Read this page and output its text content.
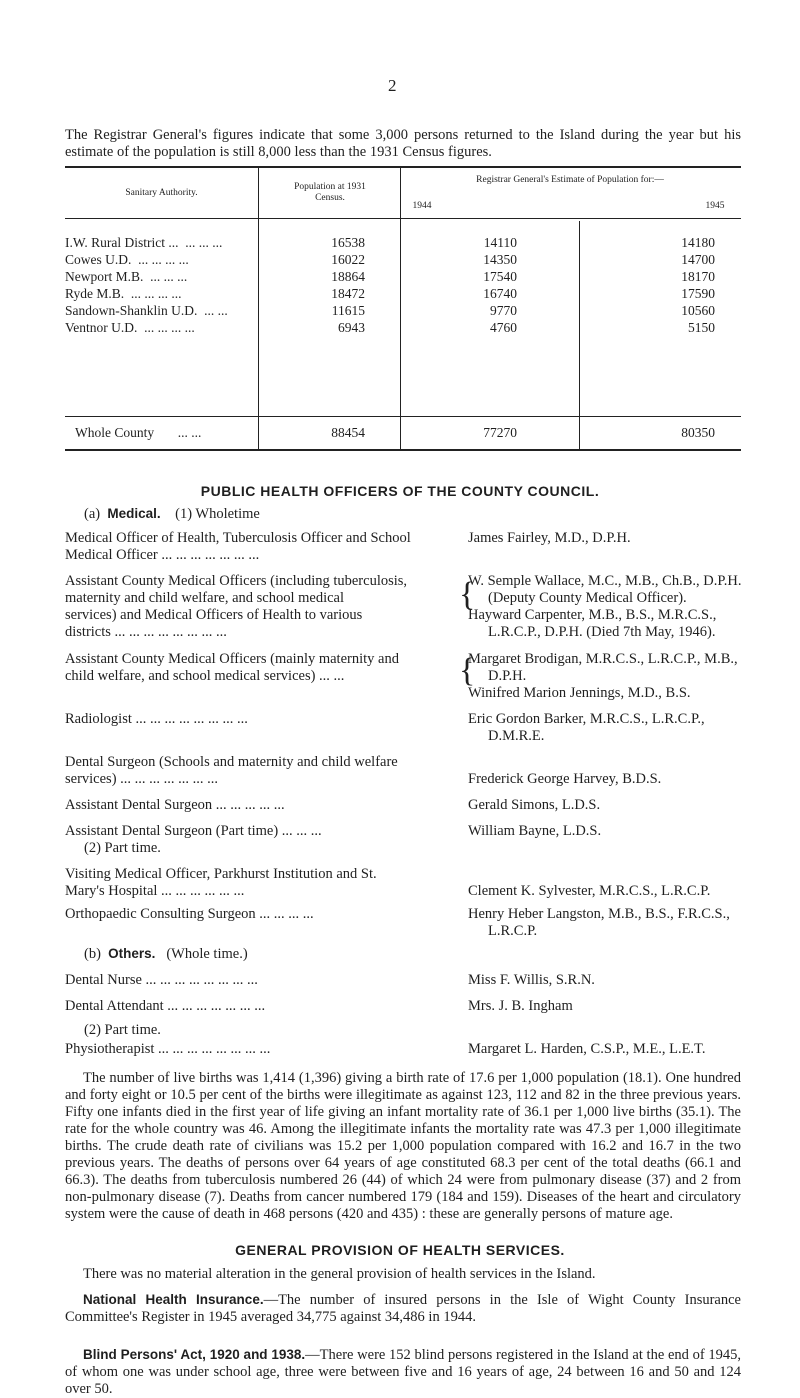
2
The Registrar General's figures indicate that some 3,000 persons returned to the Island during the year but his estimate of the population is still 8,000 less than the 1931 Census figures.
Sanitary Authority.
Population at 1931 Census.
Registrar General's Estimate of Population for:—
1944	1945
I.W. Rural District ... ... ... ...	16538	14110	14180
Cowes U.D. ... ... ... ...	16022	14350	14700
Newport M.B. ... ... ...	18864	17540	18170
Ryde M.B. ... ... ... ...	18472	16740	17590
Sandown-Shanklin U.D. ... ...	11615	9770	10560
Ventnor U.D. ... ... ... ...	6943	4760	5150
Whole County ... ...	88454	77270	80350
PUBLIC HEALTH OFFICERS OF THE COUNTY COUNCIL.
(a) Medical. (1) Wholetime
Medical Officer of Health, Tuberculosis Officer and School
Medical Officer ... ... ... ... ... ... ...
James Fairley, M.D., D.P.H.
Assistant County Medical Officers (including tuberculosis,
maternity and child welfare, and school medical
services) and Medical Officers of Health to various
districts ... ... ... ... ... ... ... ...
{
W. Semple Wallace, M.C., M.B., Ch.B., D.P.H.
(Deputy County Medical Officer).
Hayward Carpenter, M.B., B.S., M.R.C.S.,
L.R.C.P., D.P.H. (Died 7th May, 1946).
Assistant County Medical Officers (mainly maternity and
child welfare, and school medical services) ... ...	{
Margaret Brodigan, M.R.C.S., L.R.C.P., M.B.,
D.P.H.
Winifred Marion Jennings, M.D., B.S.
Radiologist ... ... ... ... ... ... ... ...	Eric Gordon Barker, M.R.C.S., L.R.C.P.,
D.M.R.E.
Dental Surgeon (Schools and maternity and child welfare
services) ... ... ... ... ... ... ...	Frederick George Harvey, B.D.S.
Assistant Dental Surgeon ... ... ... ... ...	Gerald Simons, L.D.S.
Assistant Dental Surgeon (Part time) ... ... ...	William Bayne, L.D.S.
(2) Part time.
Visiting Medical Officer, Parkhurst Institution and St.
Mary's Hospital ... ... ... ... ... ...	Clement K. Sylvester, M.R.C.S., L.R.C.P.
Orthopaedic Consulting Surgeon ... ... ... ...	Henry Heber Langston, M.B., B.S., F.R.C.S.,
L.R.C.P.
(b) Others. (Whole time.)
Dental Nurse ... ... ... ... ... ... ... ...	Miss F. Willis, S.R.N.
Dental Attendant ... ... ... ... ... ... ...	Mrs. J. B. Ingham
(2) Part time.
Physiotherapist ... ... ... ... ... ... ... ...	Margaret L. Harden, C.S.P., M.E., L.E.T.
The number of live births was 1,414 (1,396) giving a birth rate of 17.6 per 1,000 population (18.1). One hundred and forty eight or 10.5 per cent of the births were illegitimate as against 123, 112 and 82 in the three previous years. Fifty one infants died in the first year of life giving an infant mortality rate of 36.1 per 1,000 live births (35.1). The rate for the whole country was 46. Among the illegitimate infants the mortality rate was 47.3 per 1,000 illegitimate births. The crude death rate of civilians was 15.2 per 1,000 population compared with 16.2 and 16.7 in the two previous years. The deaths of persons over 64 years of age constituted 68.3 per cent of the total deaths (66.1 and 66.3). The deaths from tuberculosis numbered 26 (44) of which 24 were from pulmonary disease (37) and 2 from non-pulmonary disease (7). Deaths from cancer numbered 179 (184 and 159). Diseases of the heart and circulatory system were the cause of death in 468 persons (420 and 435) : these are generally persons of mature age.
GENERAL PROVISION OF HEALTH SERVICES.
There was no material alteration in the general provision of health services in the Island.
National Health Insurance.—The number of insured persons in the Isle of Wight County Insurance Committee's Register in 1945 averaged 34,775 against 34,486 in 1944.
Blind Persons' Act, 1920 and 1938.—There were 152 blind persons registered in the Island at the end of 1945, of whom one was under school age, three were between five and 16 years of age, 24 between 16 and 50 and 124 over 50.
